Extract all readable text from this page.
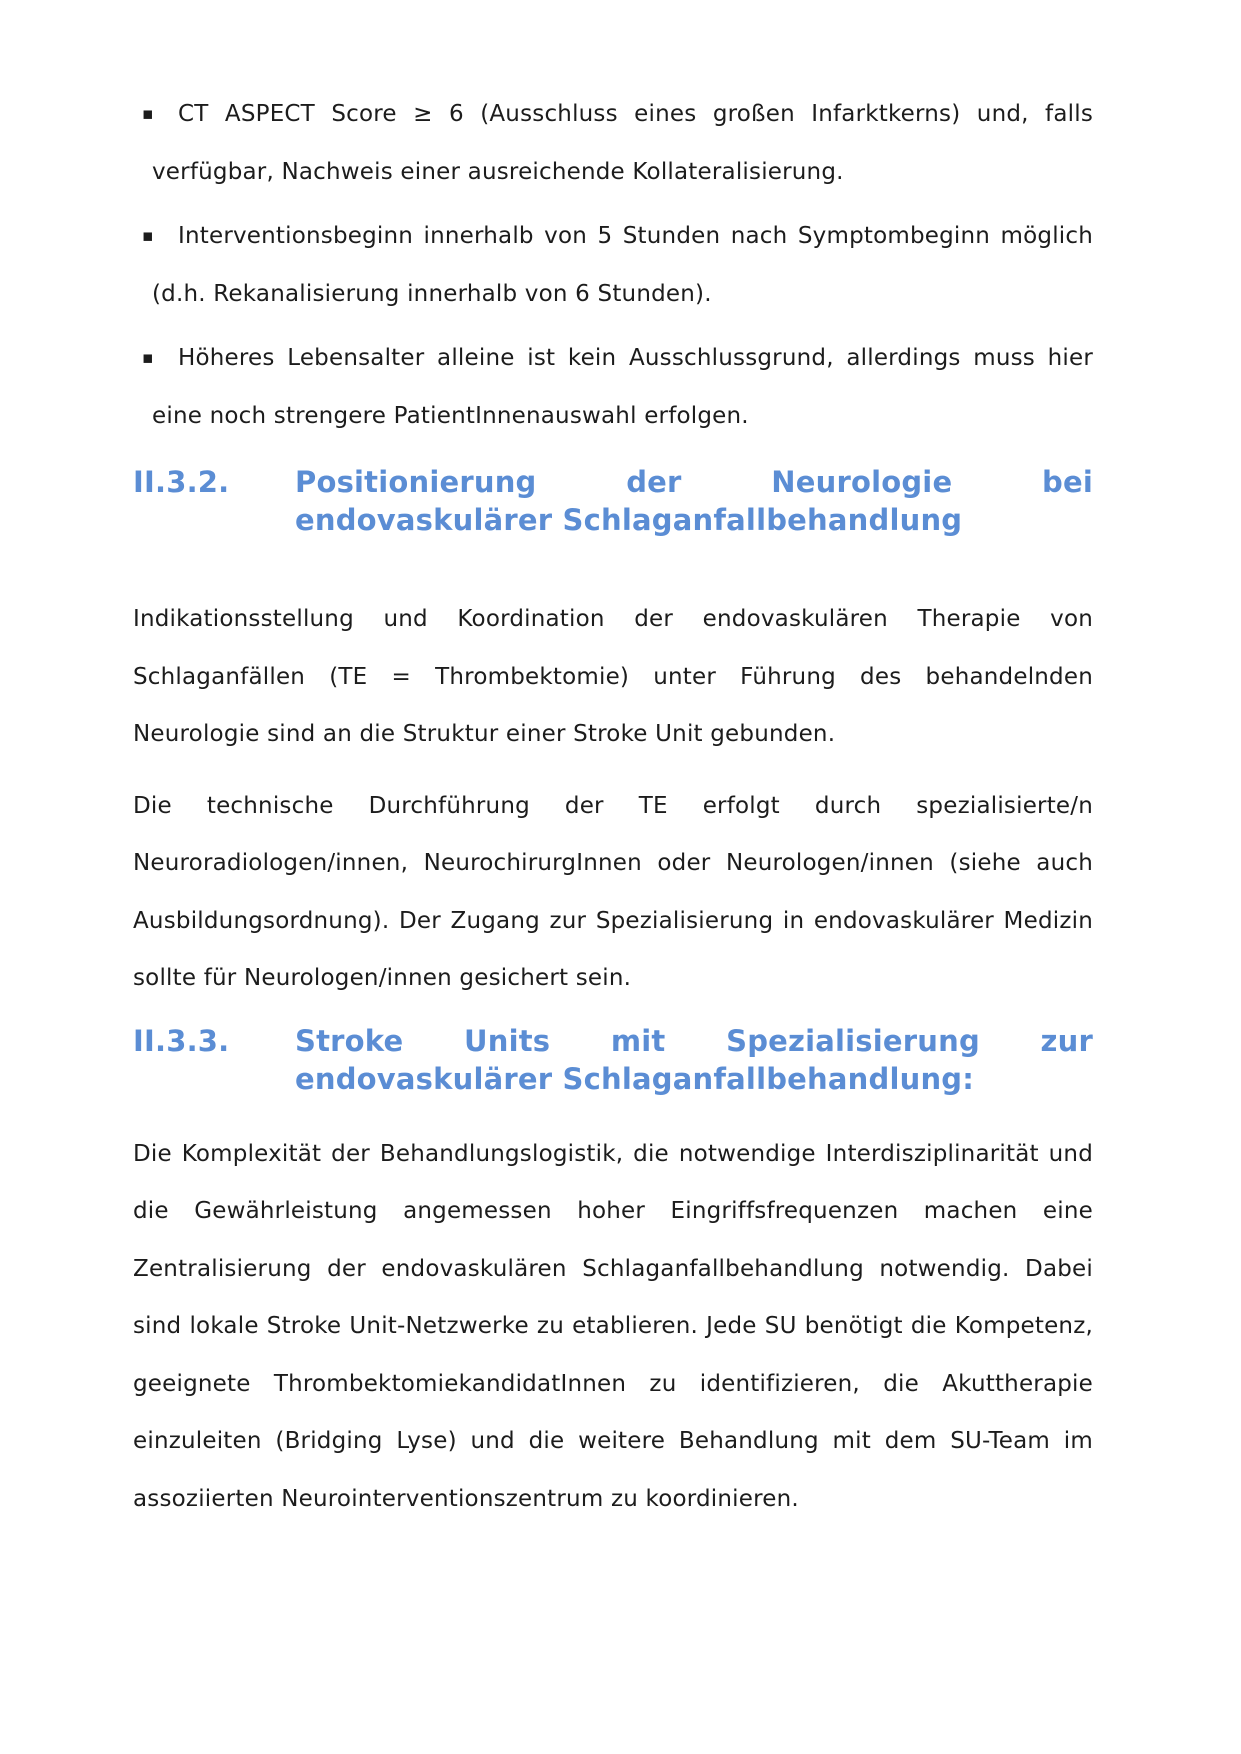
▪	CT ASPECT Score ≥ 6 (Ausschluss eines großen Infarktkerns) und, falls verfügbar, Nachweis einer ausreichende Kollateralisierung.
▪	Interventionsbeginn innerhalb von 5 Stunden nach Symptombeginn möglich (d.h. Rekanalisierung innerhalb von 6 Stunden).
▪	Höheres Lebensalter alleine ist kein Ausschlussgrund, allerdings muss hier eine noch strengere PatientInnenauswahl erfolgen.
II.3.2.	Positionierung der Neurologie bei endovaskulärer Schlaganfallbehandlung

Indikationsstellung und Koordination der endovaskulären Therapie von Schlaganfällen (TE = Thrombektomie) unter Führung des behandelnden Neurologie sind an die Struktur einer Stroke Unit gebunden.

Die technische Durchführung der TE erfolgt durch spezialisierte/n Neuroradiologen/innen, NeurochirurgInnen oder Neurologen/innen (siehe auch Ausbildungsordnung). Der Zugang zur Spezialisierung in endovaskulärer Medizin sollte für Neurologen/innen gesichert sein.

II.3.3.	Stroke Units mit Spezialisierung zur endovaskulärer Schlaganfallbehandlung:

Die Komplexität der Behandlungslogistik, die notwendige Interdisziplinarität und die Gewährleistung angemessen hoher Eingriffsfrequenzen machen eine Zentralisierung der endovaskulären Schlaganfallbehandlung notwendig. Dabei sind lokale Stroke Unit-Netzwerke zu etablieren. Jede SU benötigt die Kompetenz, geeignete ThrombektomiekandidatInnen zu identifizieren, die Akuttherapie einzuleiten (Bridging Lyse) und die weitere Behandlung mit dem SU-Team im assoziierten Neurointerventionszentrum zu koordinieren.
